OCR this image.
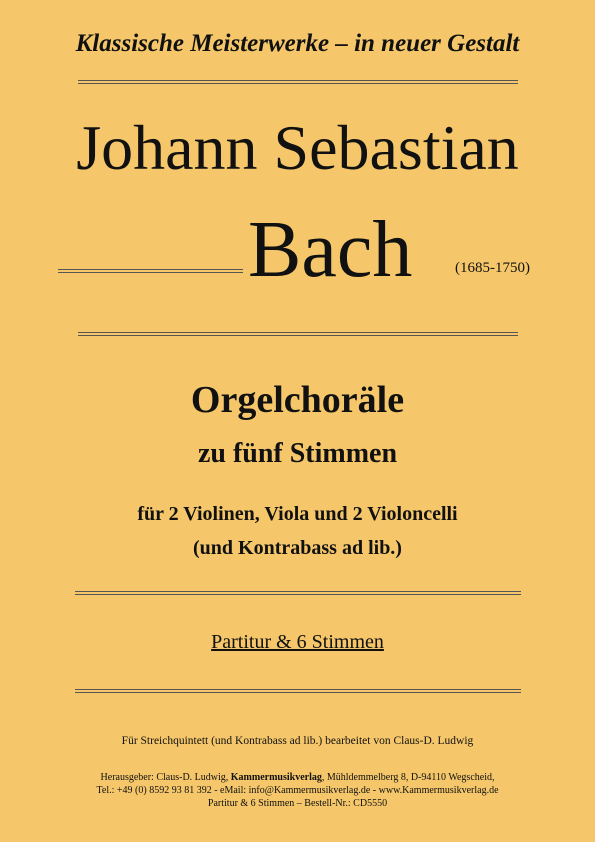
Klassische Meisterwerke – in neuer Gestalt
Johann Sebastian
Bach	(1685-1750)
Orgelchoräle
zu fünf Stimmen
für 2 Violinen, Viola und 2 Violoncelli
(und Kontrabass ad lib.)
Partitur & 6 Stimmen
Für Streichquintett (und Kontrabass ad lib.) bearbeitet von Claus-D. Ludwig
Herausgeber: Claus-D. Ludwig, Kammermusikverlag, Mühldemmelberg 8, D-94110 Wegscheid,
Tel.: +49 (0) 8592 93 81 392 - eMail: info@Kammermusikverlag.de - www.Kammermusikverlag.de
Partitur & 6 Stimmen – Bestell-Nr.: CD5550
